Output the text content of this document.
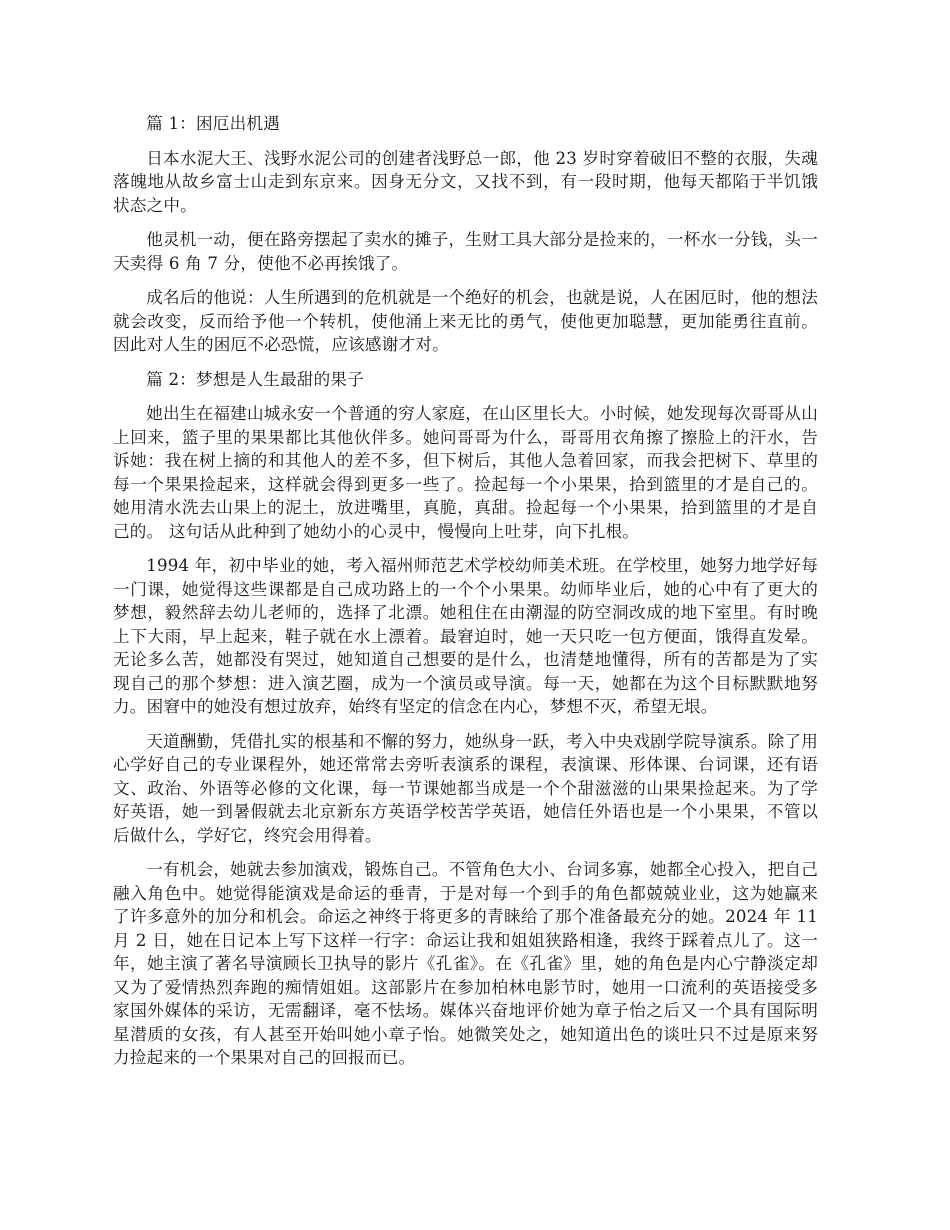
篇 1：困厄出机遇

日本水泥大王、浅野水泥公司的创建者浅野总一郎，他 23 岁时穿着破旧不整的衣服，失魂落魄地从故乡富士山走到东京来。因身无分文，又找不到，有一段时期，他每天都陷于半饥饿状态之中。

他灵机一动，便在路旁摆起了卖水的摊子，生财工具大部分是捡来的，一杯水一分钱，头一天卖得 6 角 7 分，使他不必再挨饿了。

成名后的他说：人生所遇到的危机就是一个绝好的机会，也就是说，人在困厄时，他的想法就会改变，反而给予他一个转机，使他涌上来无比的勇气，使他更加聪慧，更加能勇往直前。因此对人生的困厄不必恐慌，应该感谢才对。

篇 2：梦想是人生最甜的果子

她出生在福建山城永安一个普通的穷人家庭，在山区里长大。小时候，她发现每次哥哥从山上回来，篮子里的果果都比其他伙伴多。她问哥哥为什么，哥哥用衣角擦了擦脸上的汗水，告诉她：我在树上摘的和其他人的差不多，但下树后，其他人急着回家，而我会把树下、草里的每一个果果捡起来，这样就会得到更多一些了。捡起每一个小果果，拾到篮里的才是自己的。她用清水洗去山果上的泥土，放进嘴里，真脆，真甜。捡起每一个小果果，拾到篮里的才是自己的。 这句话从此种到了她幼小的心灵中，慢慢向上吐芽，向下扎根。

1994 年，初中毕业的她，考入福州师范艺术学校幼师美术班。在学校里，她努力地学好每一门课，她觉得这些课都是自己成功路上的一个个小果果。幼师毕业后，她的心中有了更大的梦想，毅然辞去幼儿老师的，选择了北漂。她租住在由潮湿的防空洞改成的地下室里。有时晚上下大雨，早上起来，鞋子就在水上漂着。最窘迫时，她一天只吃一包方便面，饿得直发晕。无论多么苦，她都没有哭过，她知道自己想要的是什么，也清楚地懂得，所有的苦都是为了实现自己的那个梦想：进入演艺圈，成为一个演员或导演。每一天，她都在为这个目标默默地努力。困窘中的她没有想过放弃，始终有坚定的信念在内心，梦想不灭，希望无垠。

天道酬勤，凭借扎实的根基和不懈的努力，她纵身一跃，考入中央戏剧学院导演系。除了用心学好自己的专业课程外，她还常常去旁听表演系的课程，表演课、形体课、台词课，还有语文、政治、外语等必修的文化课，每一节课她都当成是一个个甜滋滋的山果果捡起来。为了学好英语，她一到暑假就去北京新东方英语学校苦学英语，她信任外语也是一个小果果，不管以后做什么，学好它，终究会用得着。

一有机会，她就去参加演戏，锻炼自己。不管角色大小、台词多寡，她都全心投入，把自己融入角色中。她觉得能演戏是命运的垂青，于是对每一个到手的角色都兢兢业业，这为她赢来了许多意外的加分和机会。命运之神终于将更多的青睐给了那个准备最充分的她。2024 年 11 月 2 日，她在日记本上写下这样一行字：命运让我和姐姐狭路相逢，我终于踩着点儿了。这一年，她主演了著名导演顾长卫执导的影片《孔雀》。在《孔雀》里，她的角色是内心宁静淡定却又为了爱情热烈奔跑的痴情姐姐。这部影片在参加柏林电影节时，她用一口流利的英语接受多家国外媒体的采访，无需翻译，毫不怯场。媒体兴奋地评价她为章子怡之后又一个具有国际明星潜质的女孩，有人甚至开始叫她小章子怡。她微笑处之，她知道出色的谈吐只不过是原来努力捡起来的一个果果对自己的回报而已。
